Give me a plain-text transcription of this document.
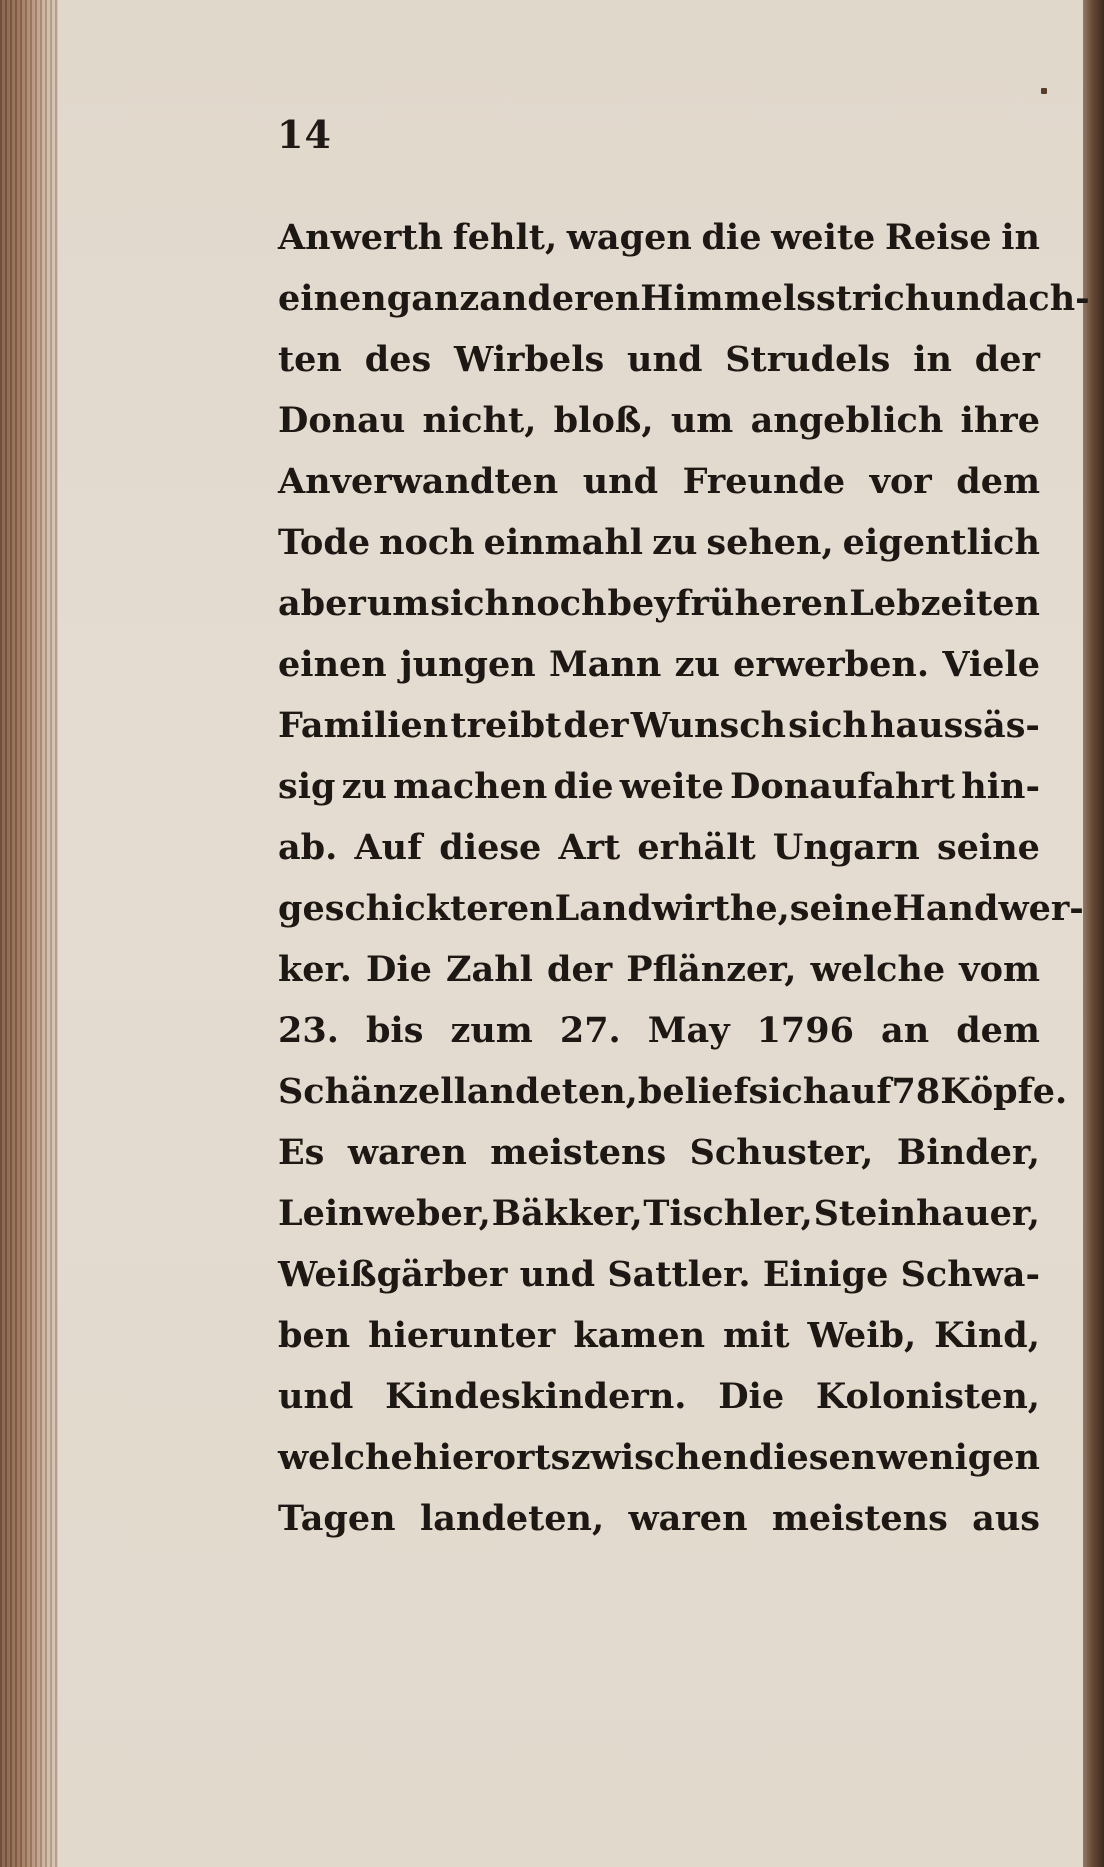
14
Anwerth fehlt, wagen die weite Reise in
einen ganz anderen Himmelsstrich und ach-
ten des Wirbels und Strudels in der
Donau nicht, bloß, um angeblich ihre
Anverwandten und Freunde vor dem
Tode noch einmahl zu sehen, eigentlich
aber um sich noch bey früheren Lebzeiten
einen jungen Mann zu erwerben. Viele
Familien treibt der Wunsch sich haussäs-
sig zu machen die weite Donaufahrt hin-
ab. Auf diese Art erhält Ungarn seine
geschickteren Landwirthe, seine Handwer-
ker. Die Zahl der Pflänzer, welche vom
23. bis zum 27. May 1796 an dem
Schänzel landeten, belief sich auf 78 Köpfe.
Es waren meistens Schuster, Binder,
Leinweber, Bäkker, Tischler, Steinhauer,
Weißgärber und Sattler. Einige Schwa-
ben hierunter kamen mit Weib, Kind,
und Kindeskindern. Die Kolonisten,
welche hierorts zwischen diesen wenigen
Tagen landeten, waren meistens aus
